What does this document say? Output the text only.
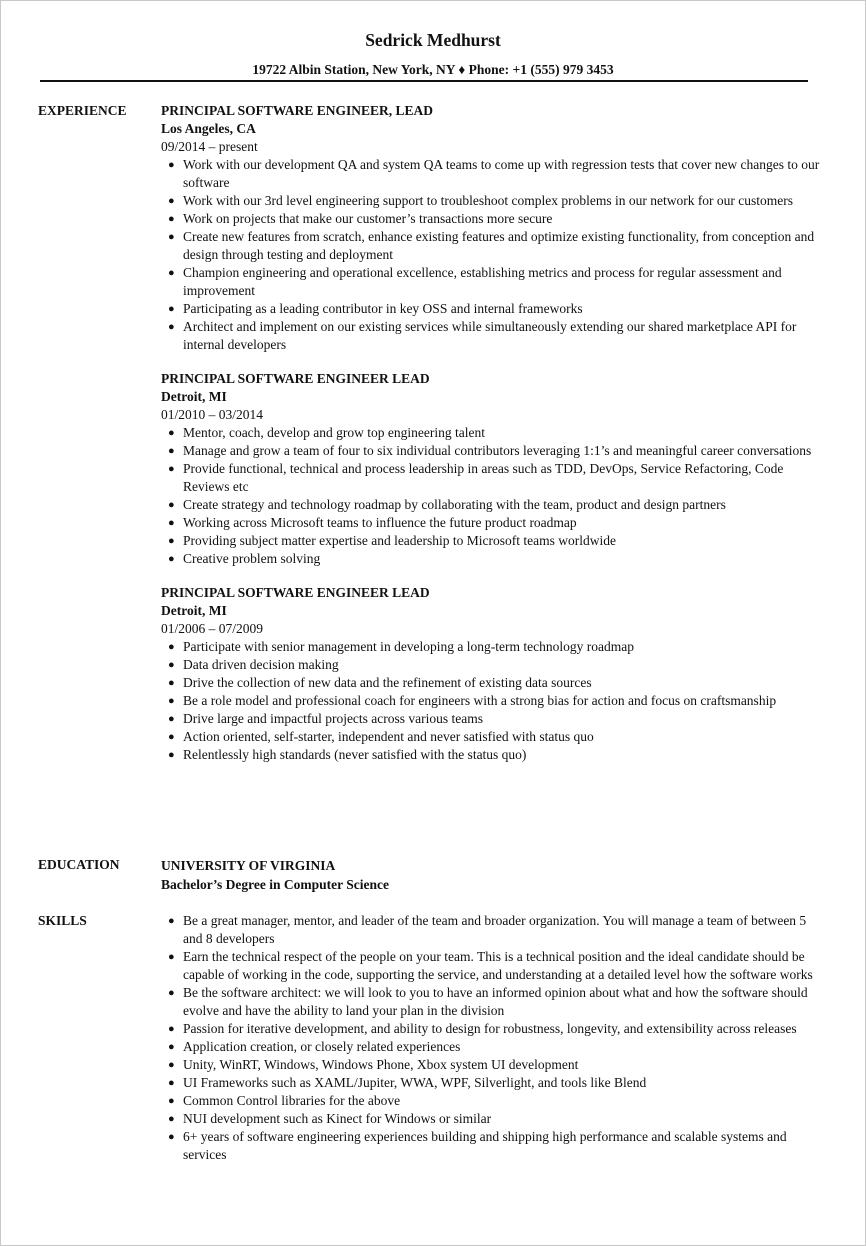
Sedrick Medhurst
19722 Albin Station, New York, NY ♦ Phone: +1 (555) 979 3453
EXPERIENCE	PRINCIPAL SOFTWARE ENGINEER, LEAD
Los Angeles, CA
09/2014 – present
● Work with our development QA and system QA teams to come up with regression tests that cover new changes to our software
● Work with our 3rd level engineering support to troubleshoot complex problems in our network for our customers
● Work on projects that make our customer’s transactions more secure
● Create new features from scratch, enhance existing features and optimize existing functionality, from conception and design through testing and deployment
● Champion engineering and operational excellence, establishing metrics and process for regular assessment and improvement
● Participating as a leading contributor in key OSS and internal frameworks
● Architect and implement on our existing services while simultaneously extending our shared marketplace API for internal developers
PRINCIPAL SOFTWARE ENGINEER LEAD
Detroit, MI
01/2010 – 03/2014
● Mentor, coach, develop and grow top engineering talent
● Manage and grow a team of four to six individual contributors leveraging 1:1’s and meaningful career conversations
● Provide functional, technical and process leadership in areas such as TDD, DevOps, Service Refactoring, Code Reviews etc
● Create strategy and technology roadmap by collaborating with the team, product and design partners
● Working across Microsoft teams to influence the future product roadmap
● Providing subject matter expertise and leadership to Microsoft teams worldwide
● Creative problem solving
PRINCIPAL SOFTWARE ENGINEER LEAD
Detroit, MI
01/2006 – 07/2009
● Participate with senior management in developing a long-term technology roadmap
● Data driven decision making
● Drive the collection of new data and the refinement of existing data sources
● Be a role model and professional coach for engineers with a strong bias for action and focus on craftsmanship
● Drive large and impactful projects across various teams
● Action oriented, self-starter, independent and never satisfied with status quo
● Relentlessly high standards (never satisfied with the status quo)
EDUCATION	UNIVERSITY OF VIRGINIA
Bachelor’s Degree in Computer Science
SKILLS	● Be a great manager, mentor, and leader of the team and broader organization. You will manage a team of between 5 and 8 developers
● Earn the technical respect of the people on your team. This is a technical position and the ideal candidate should be capable of working in the code, supporting the service, and understanding at a detailed level how the software works
● Be the software architect: we will look to you to have an informed opinion about what and how the software should evolve and have the ability to land your plan in the division
● Passion for iterative development, and ability to design for robustness, longevity, and extensibility across releases
● Application creation, or closely related experiences
● Unity, WinRT, Windows, Windows Phone, Xbox system UI development
● UI Frameworks such as XAML/Jupiter, WWA, WPF, Silverlight, and tools like Blend
● Common Control libraries for the above
● NUI development such as Kinect for Windows or similar
● 6+ years of software engineering experiences building and shipping high performance and scalable systems and services
